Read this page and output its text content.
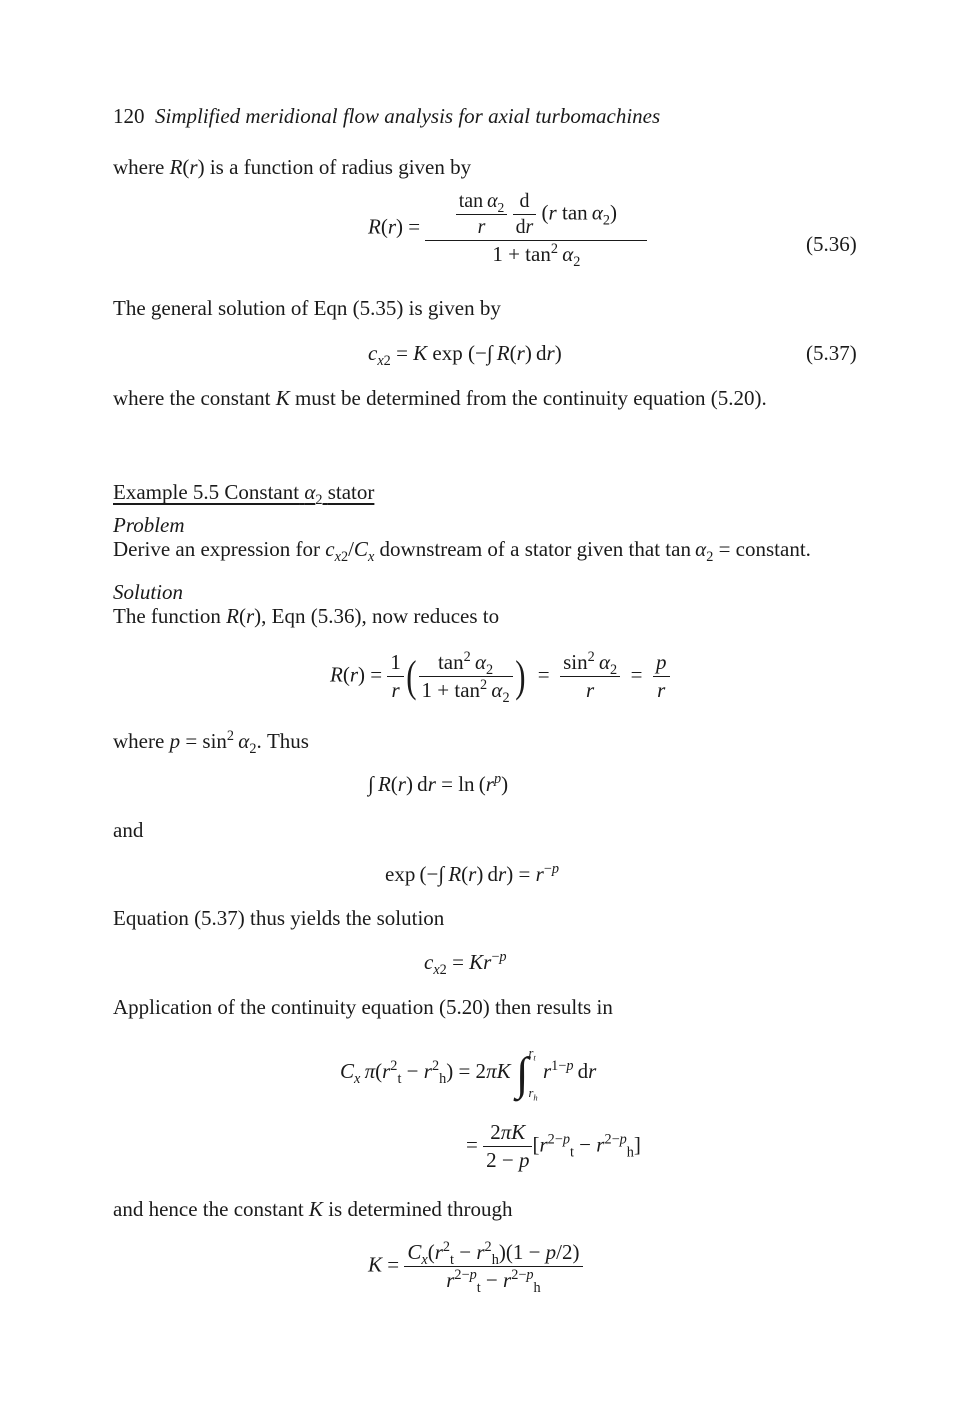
120 Simplified meridional flow analysis for axial turbomachines
where R(r) is a function of radius given by
$R(r) = \frac{\tan \alpha_2}{r}$
$\frac{d}{dr} (r$ $\tan \alpha_2$)
$1 + \tan^2 \alpha_2$	(5.36)
The general solution of Eqn (5.35) is given by
$c_{x2} = K$ exp (−∫ R(r) dr)	(5.37)
where the constant K must be determined from the continuity equation (5.20).
Example 5.5 Constant $\alpha_2$ stator
Problem
Derive an expression for $c_{x2}/C_x$ downstream of a stator given that $\tan \alpha_2$ = constant.
Solution
The function R(r), Eqn (5.36), now reduces to
$R(r) = \frac{1}{r}$ ( $\frac{\tan^2 \alpha_2}{1 + \tan^2 \alpha_2}$ )  = $\frac{\sin^2 \alpha_2}{r} = \frac{p}{r}$
where $p = \sin^2 \alpha_2$. Thus
∫ R(r) dr = $\ln (r^p)$
and
exp (−∫ R(r) $dr) = r^{-p}$
Equation (5.37) thus yields the solution
$c_{x2} = Kr^{-p}$
Application of the continuity equation (5.20) then results in
$C_x$  $\pi(r^2_t - r^2_h) = 2\pi K$ $\int r_t$

$r_h$ $r^{1-p}$ dr
= $\frac{2\pi K}{2 - p} [r^{2-p}_t - r^{2-p}_h]$
and hence the constant K is determined through
$K = \frac{C_x(r^2_t - r^2_h)(1 - p/2)}{r^{2-p}_t - r^{2-p}_h}$
